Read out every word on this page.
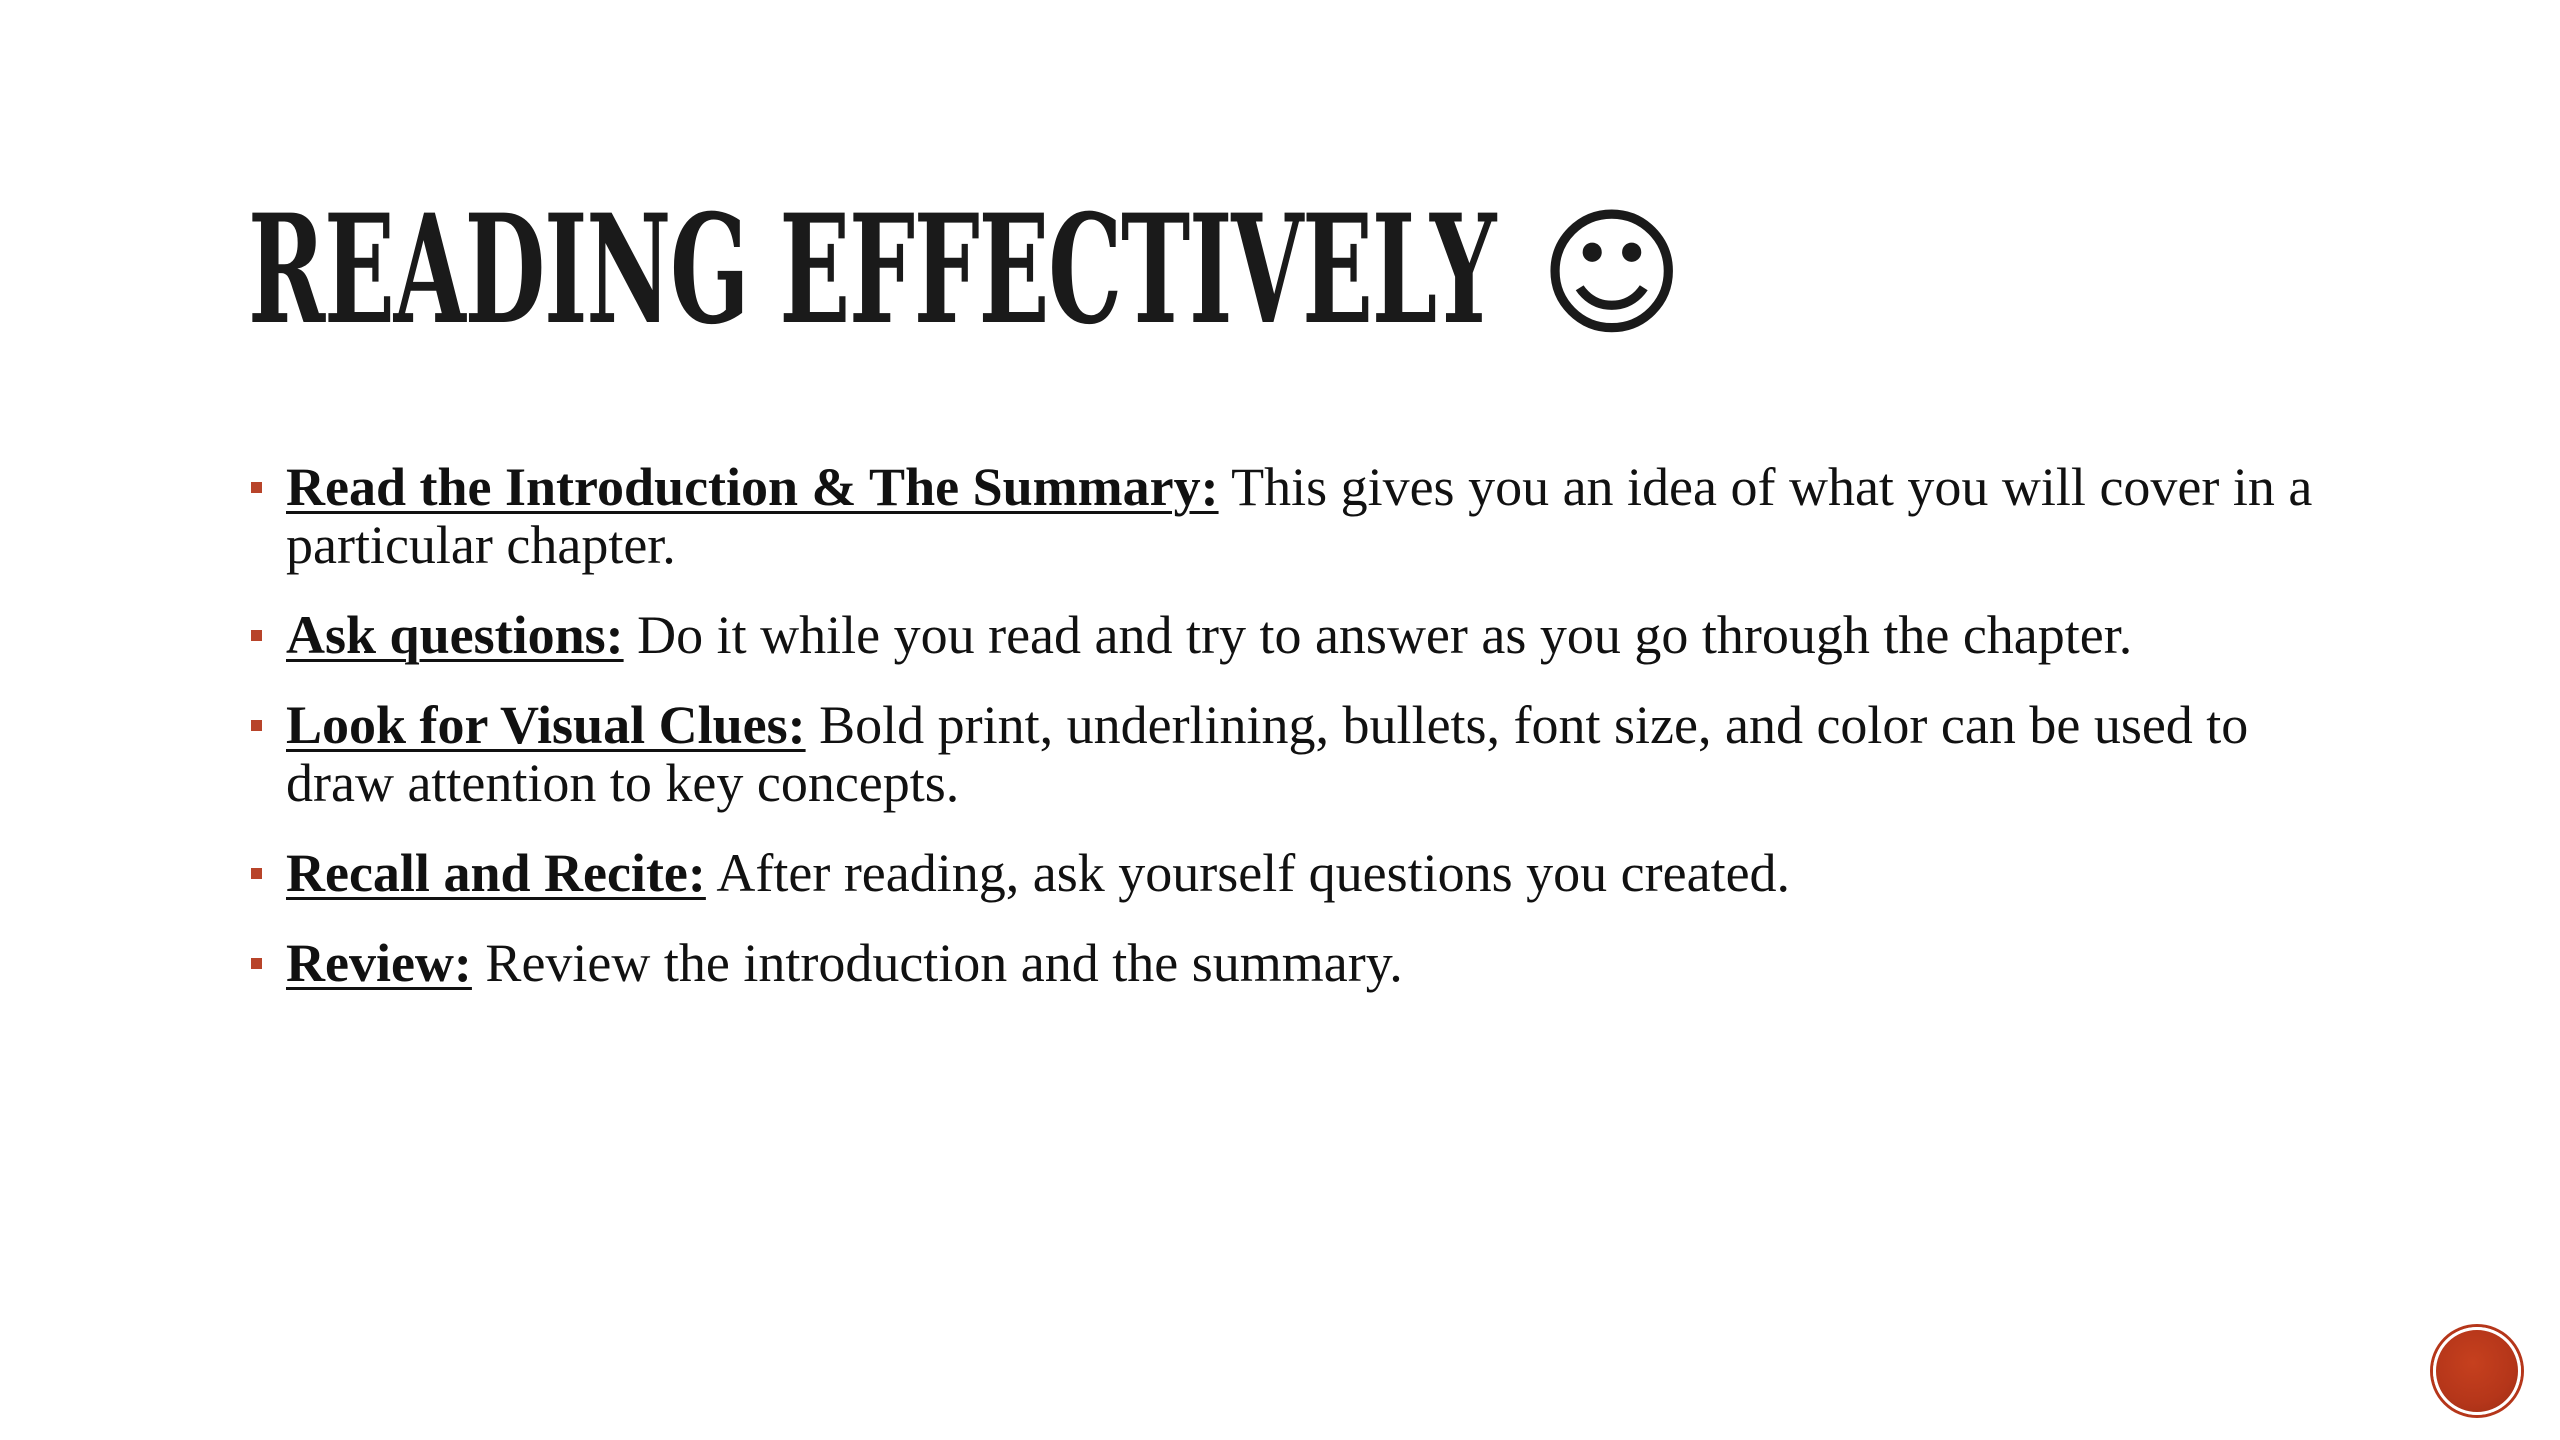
READING EFFECTIVELY ☺
Read the Introduction & The Summary: This gives you an idea of what you will cover in a particular chapter.
Ask questions: Do it while you read and try to answer as you go through the chapter.
Look for Visual Clues: Bold print, underlining, bullets, font size, and color can be used to draw attention to key concepts.
Recall and Recite: After reading, ask yourself questions you created.
Review: Review the introduction and the summary.
